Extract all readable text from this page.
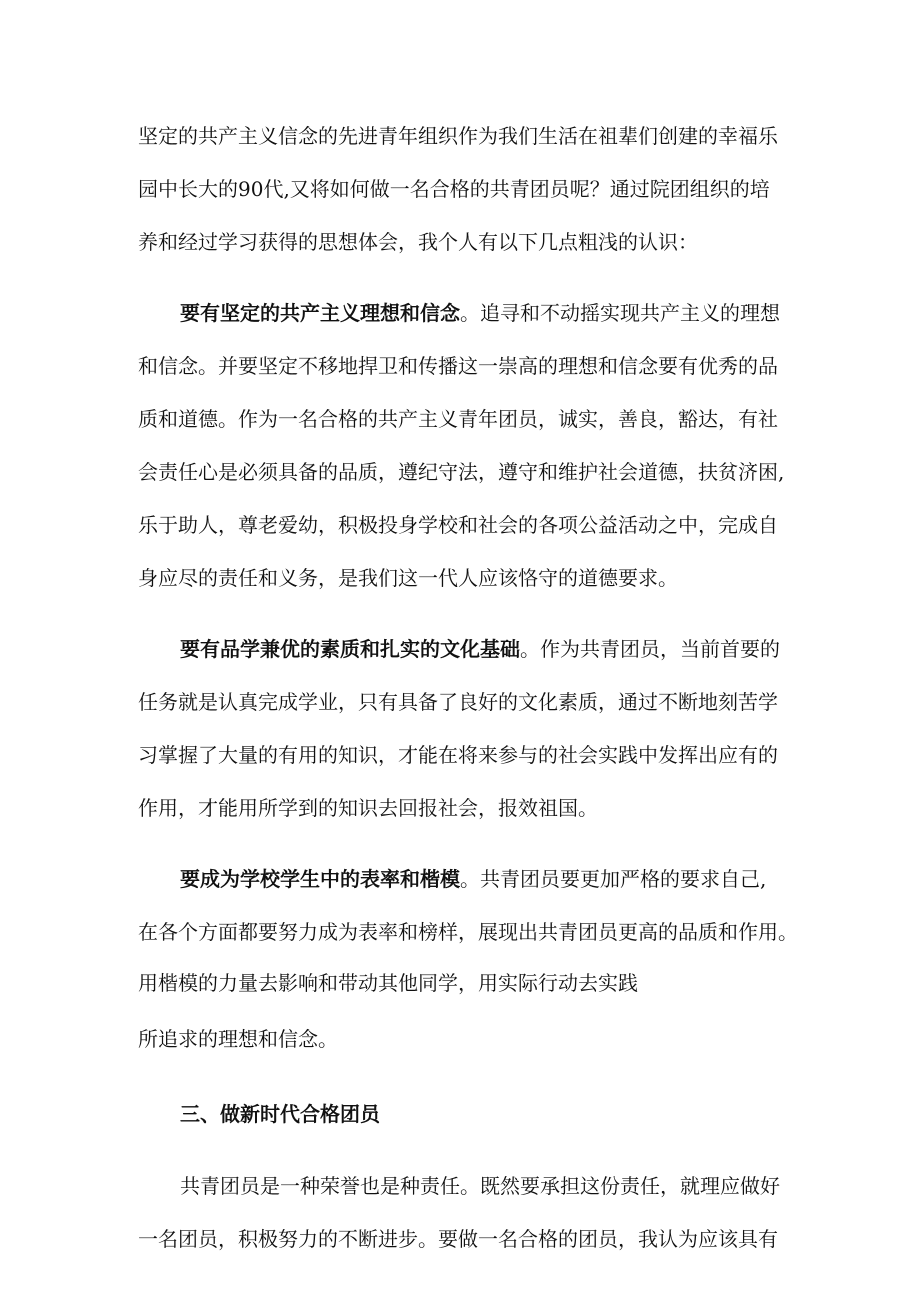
坚定的共产主义信念的先进青年组织作为我们生活在祖辈们创建的幸福乐
园中长大的90代,又将如何做一名合格的共青团员呢？通过院团组织的培
养和经过学习获得的思想体会，我个人有以下几点粗浅的认识：
要有坚定的共产主义理想和信念。追寻和不动摇实现共产主义的理想
和信念。并要坚定不移地捍卫和传播这一崇高的理想和信念要有优秀的品
质和道德。作为一名合格的共产主义青年团员，诚实，善良，豁达，有社
会责任心是必须具备的品质，遵纪守法，遵守和维护社会道德，扶贫济困,
乐于助人，尊老爱幼，积极投身学校和社会的各项公益活动之中，完成自
身应尽的责任和义务，是我们这一代人应该恪守的道德要求。
要有品学兼优的素质和扎实的文化基础。作为共青团员，当前首要的
任务就是认真完成学业，只有具备了良好的文化素质，通过不断地刻苦学
习掌握了大量的有用的知识，才能在将来参与的社会实践中发挥出应有的
作用，才能用所学到的知识去回报社会，报效祖国。
要成为学校学生中的表率和楷模。共青团员要更加严格的要求自己,
在各个方面都要努力成为表率和榜样，展现出共青团员更高的品质和作用。
用楷模的力量去影响和带动其他同学，用实际行动去实践
所追求的理想和信念。
三、做新时代合格团员
共青团员是一种荣誉也是种责任。既然要承担这份责任，就理应做好
一名团员，积极努力的不断进步。要做一名合格的团员，我认为应该具有
